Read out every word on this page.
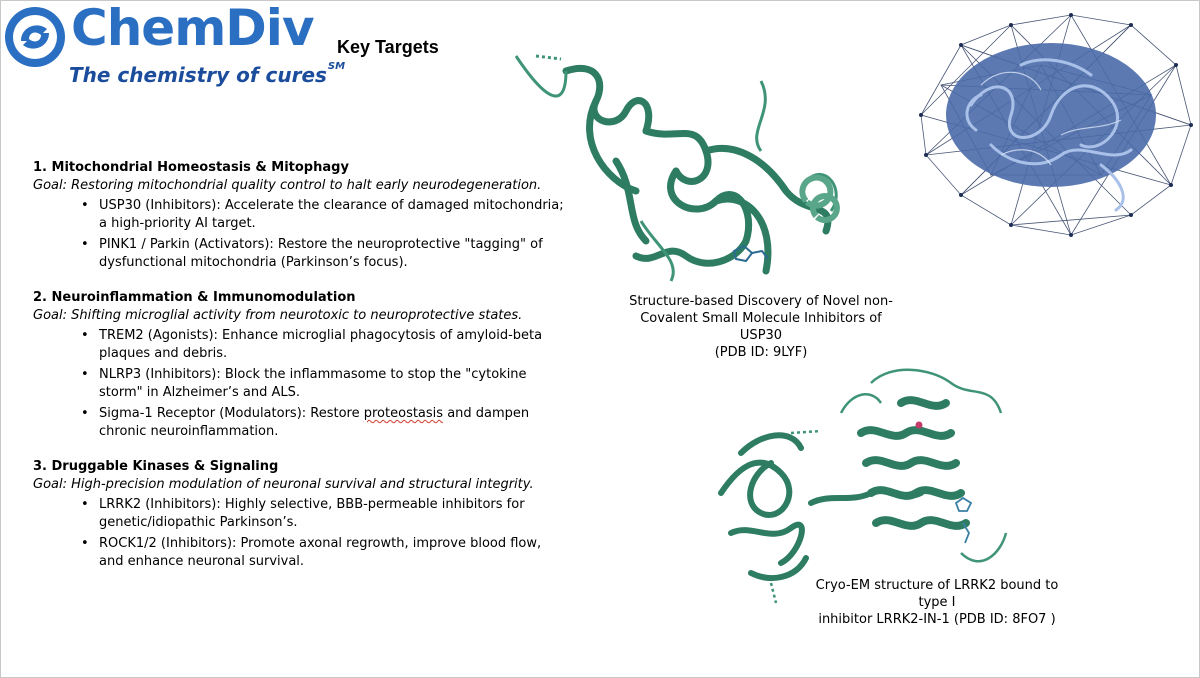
ChemDiv
The chemistry of cures℠
Key Targets
1. Mitochondrial Homeostasis & Mitophagy
Goal: Restoring mitochondrial quality control to halt early neurodegeneration.
• USP30 (Inhibitors): Accelerate the clearance of damaged mitochondria; a high-priority AI target.
• PINK1 / Parkin (Activators): Restore the neuroprotective "tagging" of dysfunctional mitochondria (Parkinson’s focus).
2. Neuroinflammation & Immunomodulation
Goal: Shifting microglial activity from neurotoxic to neuroprotective states.
• TREM2 (Agonists): Enhance microglial phagocytosis of amyloid-beta plaques and debris.
• NLRP3 (Inhibitors): Block the inflammasome to stop the "cytokine storm" in Alzheimer’s and ALS.
• Sigma-1 Receptor (Modulators): Restore proteostasis and dampen chronic neuroinflammation.
3. Druggable Kinases & Signaling
Goal: High-precision modulation of neuronal survival and structural integrity.
• LRRK2 (Inhibitors): Highly selective, BBB-permeable inhibitors for genetic/idiopathic Parkinson’s.
• ROCK1/2 (Inhibitors): Promote axonal regrowth, improve blood flow, and enhance neuronal survival.
Structure-based Discovery of Novel non-
Covalent Small Molecule Inhibitors of USP30
(PDB ID: 9LYF)
Cryo-EM structure of LRRK2 bound to type I
inhibitor LRRK2-IN-1 (PDB ID: 8FO7 )
